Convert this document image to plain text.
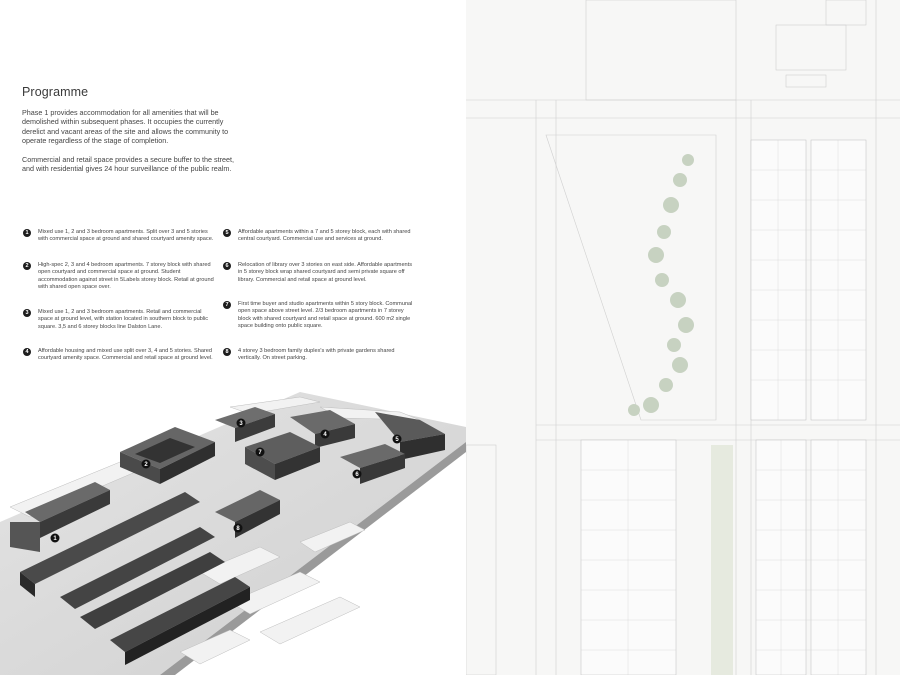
Programme

Phase 1 provides accommodation for all amenities that will be demolished within subsequent phases. It occupies the currently derelict and vacant areas of the site and allows the community to operate regardless of the stage of completion.

Commercial and retail space provides a secure buffer to the street, and with residential gives 24 hour surveillance of the public realm.

1	Mixed use 1, 2 and 3 bedroom apartments. Split over 3 and 5 stories with commercial space at ground and shared courtyard amenity space.
2	High-spec 2, 3 and 4 bedroom apartments. 7 storey block with shared open courtyard and commercial space at ground. Student accommodation against street in 5Labels storey block. Retail at ground with shared open space over.
3	Mixed use 1, 2 and 3 bedroom apartments. Retail and commercial space at ground level, with station located in southern block to public square. 3,5 and 6 storey blocks line Dalston Lane.
4	Affordable housing and mixed use split over 3, 4 and 5 stories. Shared courtyard amenity space. Commercial and retail space at ground level.
5	Affordable apartments within a 7 and 5 storey block, each with shared central courtyard. Commercial use and services at ground.
6	Relocation of library over 3 stories on east side. Affordable apartments in 5 storey block wrap shared courtyard and semi private square off library. Commercial and retail space at ground level.
7	First time buyer and studio apartments within 5 story block. Communal open space above street level. 2/3 bedroom apartments in 7 storey block with shared courtyard and retail space at ground. 600 m2 single space building onto public square.
8	4 storey 3 bedroom family duplex's with private gardens shared vertically. On street parking.
1
2
3
4
5
6
7
8
